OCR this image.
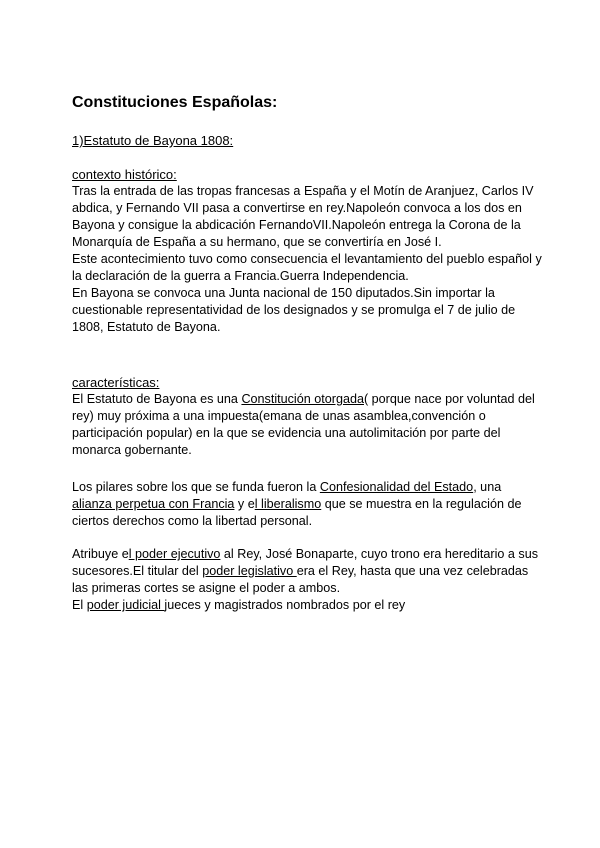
Constituciones Españolas:
1)Estatuto de Bayona 1808:
contexto histórico:

Tras la entrada de las tropas francesas a España y el Motín de Aranjuez, Carlos IV abdica, y Fernando VII pasa a convertirse en rey.Napoleón convoca a los dos en Bayona y consigue la abdicación FernandoVII.Napoleón entrega la Corona de la Monarquía de España a su hermano, que se convertiría en José I.

Este acontecimiento tuvo como consecuencia el levantamiento del pueblo español y la declaración de la guerra a Francia.Guerra Independencia.

En Bayona se convoca una Junta nacional de 150 diputados.Sin importar la cuestionable representatividad de los designados y se promulga el 7 de julio de 1808, Estatuto de Bayona.

características:
El Estatuto de Bayona es una Constitución otorgada( porque nace por voluntad del rey) muy próxima a una impuesta(emana de unas asamblea,convención o participación popular) en la que se evidencia una autolimitación por parte del monarca gobernante.
Los pilares sobre los que se funda fueron la Confesionalidad del Estado, una alianza perpetua con Francia y el liberalismo que se muestra en la regulación de ciertos derechos como la libertad personal.
Atribuye el poder ejecutivo al Rey, José Bonaparte, cuyo trono era hereditario a sus sucesores.El titular del poder legislativo era el Rey, hasta que una vez celebradas las primeras cortes se asigne el poder a ambos.
El poder judicial jueces y magistrados nombrados por el rey
